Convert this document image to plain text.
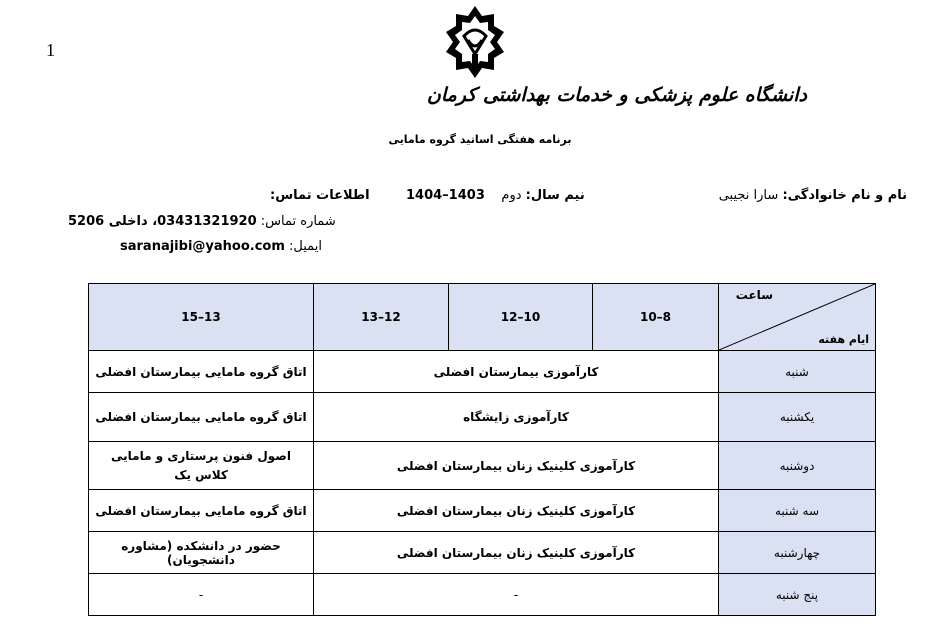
1
دانشگاه علوم پزشکی و خدمات بهداشتی کرمان
برنامه هفتگی اساتید گروه مامایی
نام و نام خانوادگی: سارا نجیبی
1404–1403	نیم سال: دوم
اطلاعات تماس:
شماره تماس: 03431321920، داخلی 5206
ایمیل: saranajibi@yahoo.com
13–15	12–13	10–12	8–10	ساعت
ایام هفته

اتاق گروه مامایی بیمارستان افضلی	کارآموزی بیمارستان افضلی			شنبه
اتاق گروه مامایی بیمارستان افضلی	کارآموزی زایشگاه			یکشنبه

اصول فنون پرستاری و مامایی
کلاس یک	کارآموزی کلینیک زنان بیمارستان افضلی			دوشنبه
اتاق گروه مامایی بیمارستان افضلی	کارآموزی کلینیک زنان بیمارستان افضلی			سه شنبه
حضور در دانشکده (مشاوره دانشجویان)	کارآموزی کلینیک زنان بیمارستان افضلی			چهارشنبه
-	-			پنج شنبه
